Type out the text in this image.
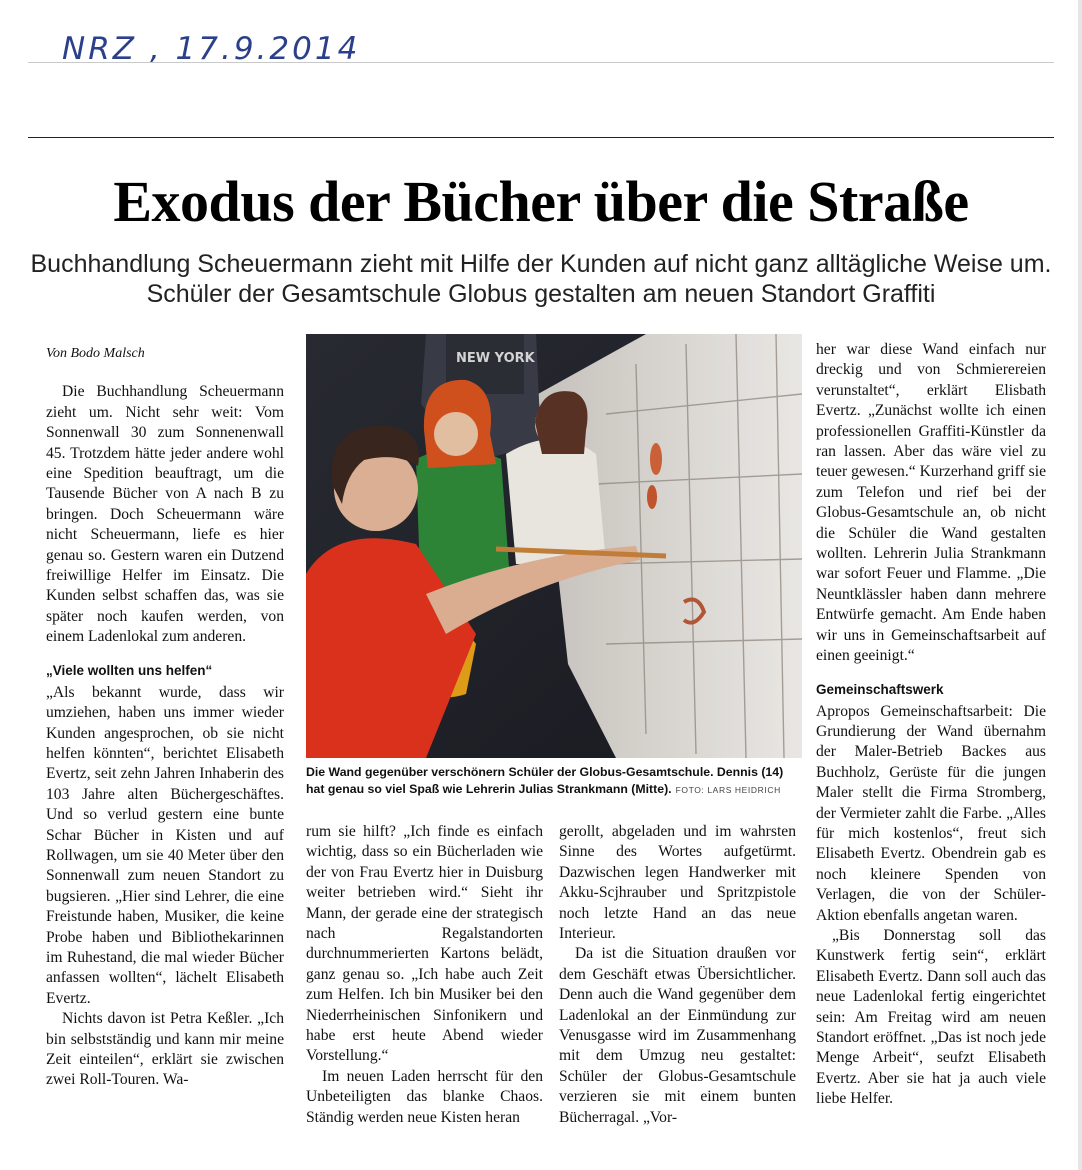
NRZ , 17.9.2014
Exodus der Bücher über die Straße
Buchhandlung Scheuermann zieht mit Hilfe der Kunden auf nicht ganz alltägliche Weise um. Schüler der Gesamtschule Globus gestalten am neuen Standort Graffiti

Von Bodo Malsch

Die Buchhandlung Scheuermann zieht um. Nicht sehr weit: Vom Sonnenwall 30 zum Sonnenenwall 45. Trotzdem hätte jeder andere wohl eine Spedition beauftragt, um die Tausende Bücher von A nach B zu bringen. Doch Scheuermann wäre nicht Scheuermann, liefe es hier genau so. Gestern waren ein Dutzend freiwillige Helfer im Einsatz. Die Kunden selbst schaffen das, was sie später noch kaufen werden, von einem Ladenlokal zum anderen.

„Viele wollten uns helfen“

„Als bekannt wurde, dass wir umziehen, haben uns immer wieder Kunden angesprochen, ob sie nicht helfen könnten“, berichtet Elisabeth Evertz, seit zehn Jahren Inhaberin des 103 Jahre alten Büchergeschäftes. Und so verlud gestern eine bunte Schar Bücher in Kisten und auf Rollwagen, um sie 40 Meter über den Sonnenwall zum neuen Standort zu bugsieren. „Hier sind Lehrer, die eine Freistunde haben, Musiker, die keine Probe haben und Bibliothekarinnen im Ruhestand, die mal wieder Bücher anfassen wollten“, lächelt Elisabeth Evertz.

Nichts davon ist Petra Keßler. „Ich bin selbstständig und kann mir meine Zeit einteilen“, erklärt sie zwischen zwei Roll-Touren. Wa-

NEW YORK
Die Wand gegenüber verschönern Schüler der Globus-Gesamtschule. Dennis (14) hat genau so viel Spaß wie Lehrerin Julias Strankmann (Mitte). FOTO: LARS HEIDRICH

rum sie hilft? „Ich finde es einfach wichtig, dass so ein Bücherladen wie der von Frau Evertz hier in Duisburg weiter betrieben wird.“ Sieht ihr Mann, der gerade eine der strategisch nach Regalstandorten durchnummerierten Kartons belädt, ganz genau so. „Ich habe auch Zeit zum Helfen. Ich bin Musiker bei den Niederrheinischen Sinfonikern und habe erst heute Abend wieder Vorstellung.“

Im neuen Laden herrscht für den Unbeteiligten das blanke Chaos. Ständig werden neue Kisten heran

gerollt, abgeladen und im wahrsten Sinne des Wortes aufgetürmt. Dazwischen legen Handwerker mit Akku-Scjhrauber und Spritzpistole noch letzte Hand an das neue Interieur.

Da ist die Situation draußen vor dem Geschäft etwas Übersichtlicher. Denn auch die Wand gegenüber dem Ladenlokal an der Einmündung zur Venusgasse wird im Zusammenhang mit dem Umzug neu gestaltet: Schüler der Globus-Gesamtschule verzieren sie mit einem bunten Bücherragal. „Vor-

her war diese Wand einfach nur dreckig und von Schmierereien verunstaltet“, erklärt Elisbath Evertz. „Zunächst wollte ich einen professionellen Graffiti-Künstler da ran lassen. Aber das wäre viel zu teuer gewesen.“ Kurzerhand griff sie zum Telefon und rief bei der Globus-Gesamtschule an, ob nicht die Schüler die Wand gestalten wollten. Lehrerin Julia Strankmann war sofort Feuer und Flamme. „Die Neuntklässler haben dann mehrere Entwürfe gemacht. Am Ende haben wir uns in Gemeinschaftsarbeit auf einen geeinigt.“

Gemeinschaftswerk

Apropos Gemeinschaftsarbeit: Die Grundierung der Wand übernahm der Maler-Betrieb Backes aus Buchholz, Gerüste für die jungen Maler stellt die Firma Stromberg, der Vermieter zahlt die Farbe. „Alles für mich kostenlos“, freut sich Elisabeth Evertz. Obendrein gab es noch kleinere Spenden von Verlagen, die von der Schüler-Aktion ebenfalls angetan waren.

„Bis Donnerstag soll das Kunstwerk fertig sein“, erklärt Elisabeth Evertz. Dann soll auch das neue Ladenlokal fertig eingerichtet sein: Am Freitag wird am neuen Standort eröffnet. „Das ist noch jede Menge Arbeit“, seufzt Elisabeth Evertz. Aber sie hat ja auch viele liebe Helfer.
